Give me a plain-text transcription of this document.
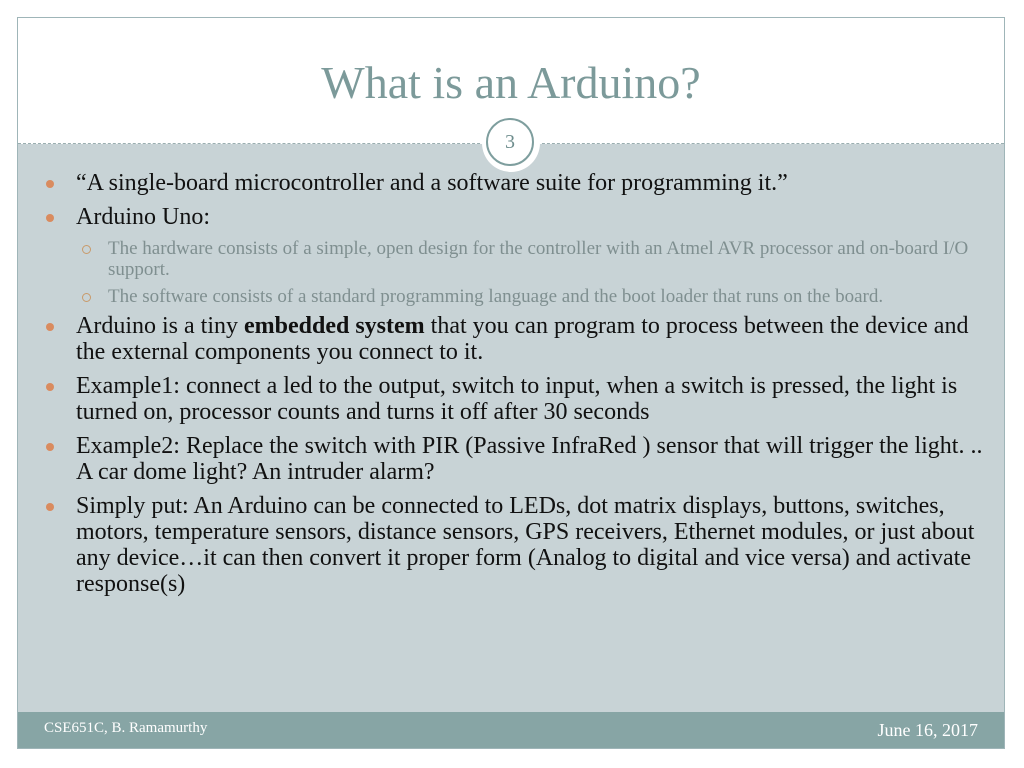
What is an Arduino?
3
“A single-board microcontroller and a software suite for programming it.”
Arduino Uno:
The hardware consists of a simple, open design for the controller with an Atmel AVR processor and on-board I/O support.
The software consists of a standard programming language and the boot loader that runs on the board.
Arduino is a tiny embedded system that you can program to process between the device and the external components you connect to it.
Example1: connect a led to the output, switch to input, when a switch is pressed, the light is turned on, processor counts and turns it off after 30 seconds
Example2: Replace the switch with PIR (Passive InfraRed ) sensor that will trigger the light. .. A car dome light? An intruder alarm?
Simply put: An Arduino can be connected to LEDs, dot matrix displays, buttons, switches, motors, temperature sensors, distance sensors, GPS receivers, Ethernet modules, or just about any device…it can then convert it proper form (Analog to digital and vice versa) and activate response(s)
CSE651C, B. Ramamurthy	June 16, 2017
